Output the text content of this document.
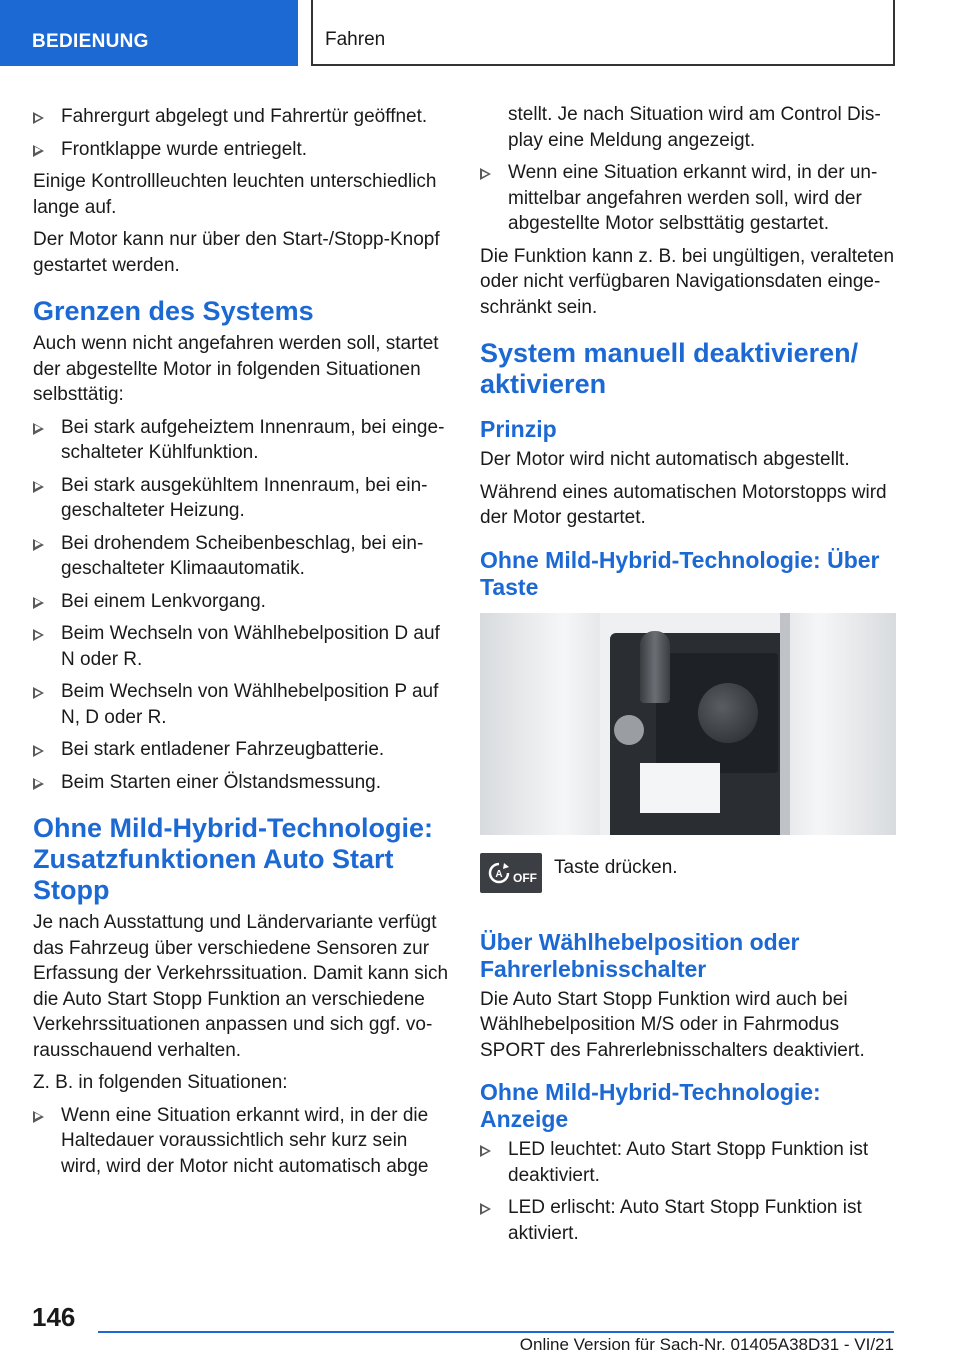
BEDIENUNG	Fahren
Fahrergurt abgelegt und Fahrertür geöffnet.
Frontklappe wurde entriegelt.

Einige Kontrollleuchten leuchten unterschiedlich lange auf.

Der Motor kann nur über den Start-/Stopp-Knopf gestartet werden.

Grenzen des Systems

Auch wenn nicht angefahren werden soll, startet der abgestellte Motor in folgenden Situationen selbsttätig:

Bei stark aufgeheiztem Innenraum, bei eingeschalteter Kühlfunktion.
Bei stark ausgekühltem Innenraum, bei eingeschalteter Heizung.
Bei drohendem Scheibenbeschlag, bei eingeschalteter Klimaautomatik.
Bei einem Lenkvorgang.
Beim Wechseln von Wählhebelposition D auf N oder R.
Beim Wechseln von Wählhebelposition P auf N, D oder R.
Bei stark entladener Fahrzeugbatterie.
Beim Starten einer Ölstandsmessung.
Ohne Mild-Hybrid-Technologie: Zusatzfunktionen Auto Start Stopp

Je nach Ausstattung und Ländervariante verfügt das Fahrzeug über verschiedene Sensoren zur Erfassung der Verkehrssituation. Damit kann sich die Auto Start Stopp Funktion an verschiedene Verkehrssituationen anpassen und sich ggf. vorausschauend verhalten.

Z. B. in folgenden Situationen:

Wenn eine Situation erkannt wird, in der die Haltedauer voraussichtlich sehr kurz sein wird, wird der Motor nicht automatisch abge
stellt. Je nach Situation wird am Control Display eine Meldung angezeigt.
Wenn eine Situation erkannt wird, in der unmittelbar angefahren werden soll, wird der abgestellte Motor selbsttätig gestartet.

Die Funktion kann z. B. bei ungültigen, veralteten oder nicht verfügbaren Navigationsdaten eingeschränkt sein.

System manuell deaktivieren/ aktivieren
Prinzip

Der Motor wird nicht automatisch abgestellt.

Während eines automatischen Motorstopps wird der Motor gestartet.

Ohne Mild-Hybrid-Technologie: Über Taste
A OFF Taste drücken.
Über Wählhebelposition oder Fahrerlebnisschalter

Die Auto Start Stopp Funktion wird auch bei Wählhebelposition M/S oder in Fahrmodus SPORT des Fahrerlebnisschalters deaktiviert.

Ohne Mild-Hybrid-Technologie: Anzeige
LED leuchtet: Auto Start Stopp Funktion ist deaktiviert.
LED erlischt: Auto Start Stopp Funktion ist aktiviert.
146
Online Version für Sach-Nr. 01405A38D31 - VI/21
